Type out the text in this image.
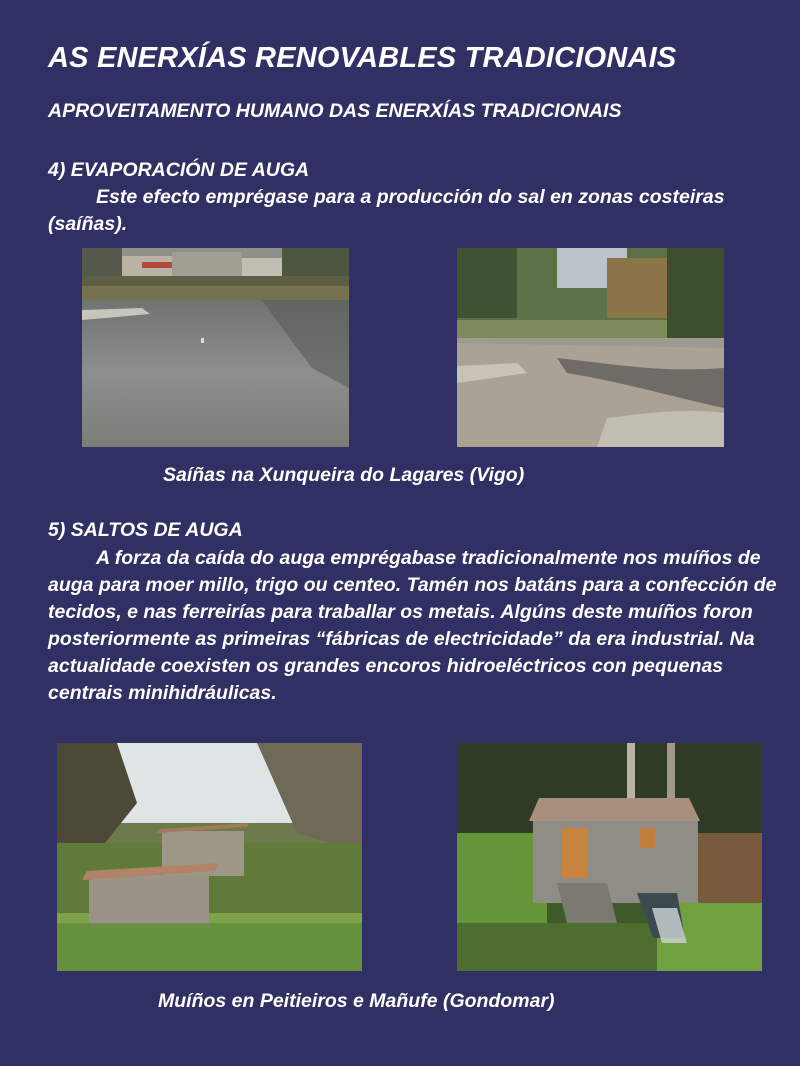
AS ENERXÍAS RENOVABLES TRADICIONAIS
APROVEITAMENTO HUMANO DAS ENERXÍAS TRADICIONAIS
4) EVAPORACIÓN DE AUGA

Este efecto emprégase para a producción do sal en zonas costeiras (saíñas).

Saíñas na Xunqueira do Lagares (Vigo)

5) SALTOS DE AUGA

A forza da caída do auga emprégabase tradicionalmente nos muíños de auga para moer millo, trigo ou centeo. Tamén nos batáns para a confección de tecidos, e nas ferreirías para traballar os metais. Algúns deste muíños foron posteriormente as primeiras “fábricas de electricidade” da era industrial. Na actualidade coexisten os grandes encoros hidroeléctricos con pequenas centrais minihidráulicas.

Muíños en Peitieiros e Mañufe (Gondomar)
